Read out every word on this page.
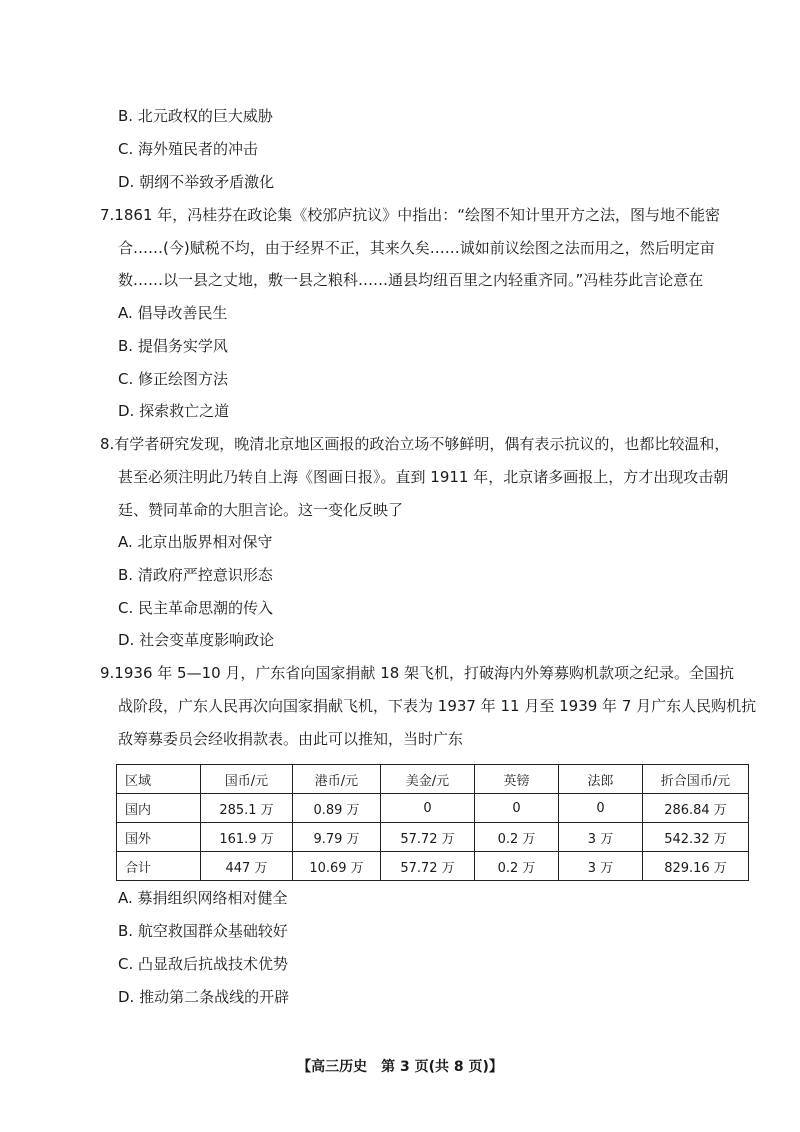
B. 北元政权的巨大威胁
C. 海外殖民者的冲击
D. 朝纲不举致矛盾激化
7.1861 年，冯桂芬在政论集《校邠庐抗议》中指出：“绘图不知计里开方之法，图与地不能密
合……(今)赋税不均，由于经界不正，其来久矣……诚如前议绘图之法而用之，然后明定亩
数……以一县之丈地，敷一县之粮科……通县均纽百里之内轻重齐同。”冯桂芬此言论意在
A. 倡导改善民生
B. 提倡务实学风
C. 修正绘图方法
D. 探索救亡之道
8.有学者研究发现，晚清北京地区画报的政治立场不够鲜明，偶有表示抗议的，也都比较温和，
甚至必须注明此乃转自上海《图画日报》。直到 1911 年，北京诸多画报上，方才出现攻击朝
廷、赞同革命的大胆言论。这一变化反映了
A. 北京出版界相对保守
B. 清政府严控意识形态
C. 民主革命思潮的传入
D. 社会变革度影响政论
9.1936 年 5—10 月，广东省向国家捐献 18 架飞机，打破海内外筹募购机款项之纪录。全国抗
战阶段，广东人民再次向国家捐献飞机，下表为 1937 年 11 月至 1939 年 7 月广东人民购机抗
敌筹募委员会经收捐款表。由此可以推知，当时广东
区域	国币/元	港币/元	美金/元	英镑	法郎	折合国币/元
国内	285.1 万	0.89 万	0	0	0	286.84 万
国外	161.9 万	9.79 万	57.72 万	0.2 万	3 万	542.32 万
合计	447 万	10.69 万	57.72 万	0.2 万	3 万	829.16 万
A. 募捐组织网络相对健全
B. 航空救国群众基础较好
C. 凸显敌后抗战技术优势
D. 推动第二条战线的开辟
【高三历史　第 3 页(共 8 页)】
